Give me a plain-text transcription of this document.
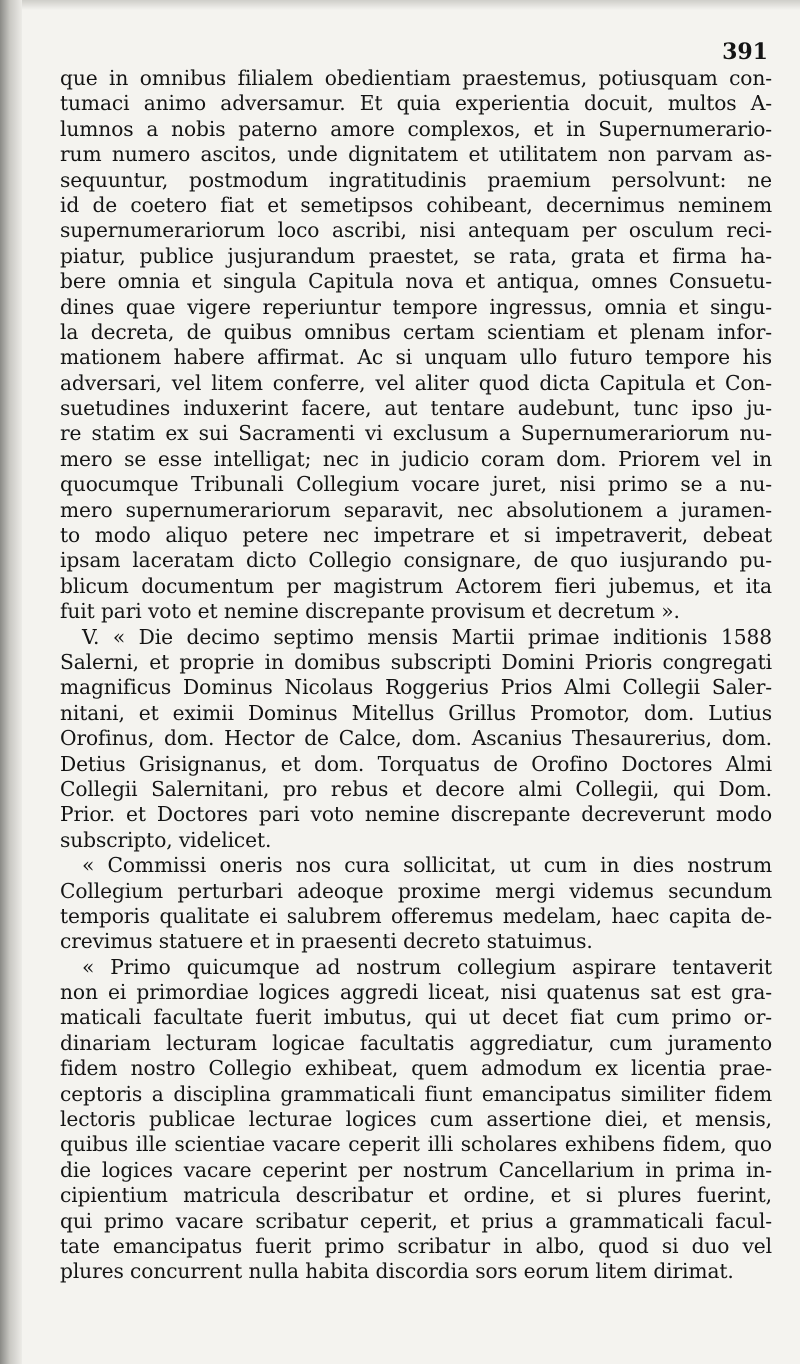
391
que in omnibus filialem obedientiam praestemus, potiusquam con-
tumaci animo adversamur. Et quia experientia docuit, multos A-
lumnos a nobis paterno amore complexos, et in Supernumerario-
rum numero ascitos, unde dignitatem et utilitatem non parvam as-
sequuntur, postmodum ingratitudinis praemium persolvunt: ne
id de coetero fiat et semetipsos cohibeant, decernimus neminem
supernumerariorum loco ascribi, nisi antequam per osculum reci-
piatur, publice jusjurandum praestet, se rata, grata et firma ha-
bere omnia et singula Capitula nova et antiqua, omnes Consuetu-
dines quae vigere reperiuntur tempore ingressus, omnia et singu-
la decreta, de quibus omnibus certam scientiam et plenam infor-
mationem habere affirmat. Ac si unquam ullo futuro tempore his
adversari, vel litem conferre, vel aliter quod dicta Capitula et Con-
suetudines induxerint facere, aut tentare audebunt, tunc ipso ju-
re statim ex sui Sacramenti vi exclusum a Supernumerariorum nu-
mero se esse intelligat; nec in judicio coram dom. Priorem vel in
quocumque Tribunali Collegium vocare juret, nisi primo se a nu-
mero supernumerariorum separavit, nec absolutionem a juramen-
to modo aliquo petere nec impetrare et si impetraverit, debeat
ipsam laceratam dicto Collegio consignare, de quo iusjurando pu-
blicum documentum per magistrum Actorem fieri jubemus, et ita
fuit pari voto et nemine discrepante provisum et decretum ».
V. « Die decimo septimo mensis Martii primae inditionis 1588
Salerni, et proprie in domibus subscripti Domini Prioris congregati
magnificus Dominus Nicolaus Roggerius Prios Almi Collegii Saler-
nitani, et eximii Dominus Mitellus Grillus Promotor, dom. Lutius
Orofinus, dom. Hector de Calce, dom. Ascanius Thesaurerius, dom.
Detius Grisignanus, et dom. Torquatus de Orofino Doctores Almi
Collegii Salernitani, pro rebus et decore almi Collegii, qui Dom.
Prior. et Doctores pari voto nemine discrepante decreverunt modo
subscripto, videlicet.
« Commissi oneris nos cura sollicitat, ut cum in dies nostrum
Collegium perturbari adeoque proxime mergi videmus secundum
temporis qualitate ei salubrem offeremus medelam, haec capita de-
crevimus statuere et in praesenti decreto statuimus.
« Primo quicumque ad nostrum collegium aspirare tentaverit
non ei primordiae logices aggredi liceat, nisi quatenus sat est gra-
maticali facultate fuerit imbutus, qui ut decet fiat cum primo or-
dinariam lecturam logicae facultatis aggrediatur, cum juramento
fidem nostro Collegio exhibeat, quem admodum ex licentia prae-
ceptoris a disciplina grammaticali fiunt emancipatus similiter fidem
lectoris publicae lecturae logices cum assertione diei, et mensis,
quibus ille scientiae vacare ceperit illi scholares exhibens fidem, quo
die logices vacare ceperint per nostrum Cancellarium in prima in-
cipientium matricula describatur et ordine, et si plures fuerint,
qui primo vacare scribatur ceperit, et prius a grammaticali facul-
tate emancipatus fuerit primo scribatur in albo, quod si duo vel
plures concurrent nulla habita discordia sors eorum litem dirimat.
